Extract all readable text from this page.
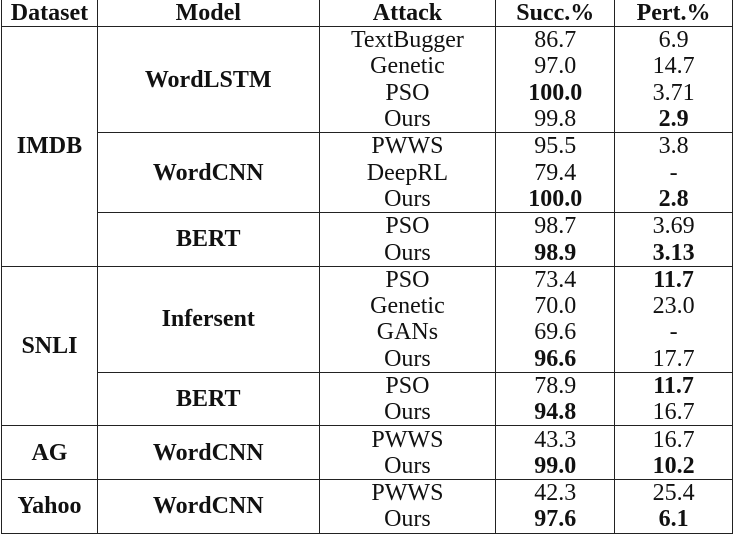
Dataset	Model	Attack	Succ.%	Pert.%
IMDB	WordLSTM	TextBugger	86.7	6.9
		Genetic	97.0	14.7
		PSO	100.0	3.71
		Ours	99.8	2.9
	WordCNN	PWWS	95.5	3.8
		DeepRL	79.4	-
		Ours	100.0	2.8
	BERT	PSO	98.7	3.69
		Ours	98.9	3.13
SNLI	Infersent	PSO	73.4	11.7
		Genetic	70.0	23.0
		GANs	69.6	-
		Ours	96.6	17.7
	BERT	PSO	78.9	11.7
		Ours	94.8	16.7
AG	WordCNN	PWWS	43.3	16.7
		Ours	99.0	10.2
Yahoo	WordCNN	PWWS	42.3	25.4
		Ours	97.6	6.1
